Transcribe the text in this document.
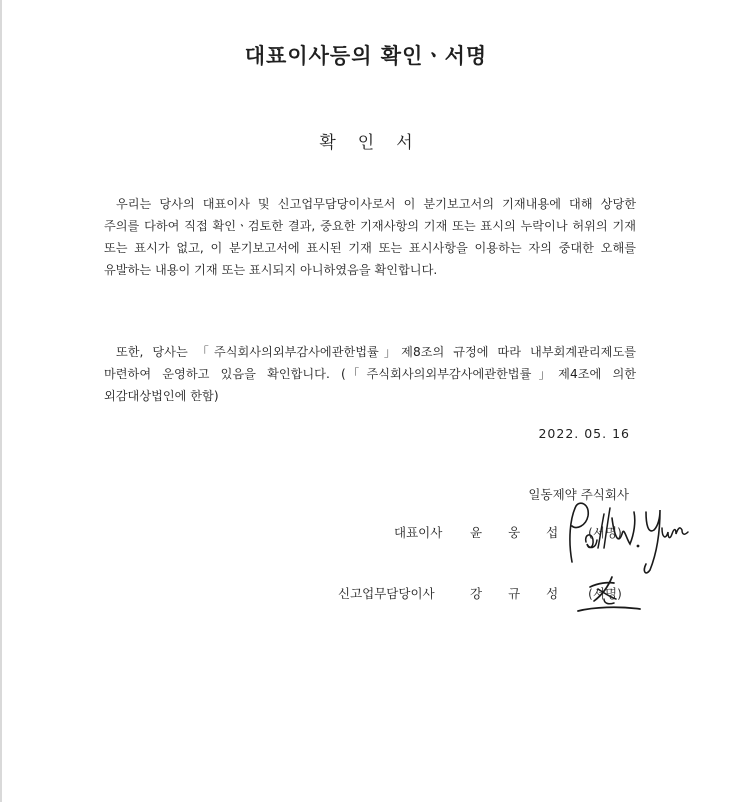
대표이사등의 확인ㆍ서명
확인서
우리는 당사의 대표이사 및 신고업무담당이사로서 이 분기보고서의 기재내용에 대해 상당한 주의를 다하여 직접 확인ㆍ검토한 결과, 중요한 기재사항의 기재 또는 표시의 누락이나 허위의 기재 또는 표시가 없고, 이 분기보고서에 표시된 기재 또는 표시사항을 이용하는 자의 중대한 오해를 유발하는 내용이 기재 또는 표시되지 아니하였음을 확인합니다.
또한, 당사는 「주식회사의외부감사에관한법률」제8조의 규정에 따라 내부회계관리제도를 마련하여 운영하고 있음을 확인합니다. (「주식회사의외부감사에관한법률」제4조에 의한 외감대상법인에 한함)
2022. 05. 16
일동제약 주식회사
대표이사 윤웅섭 (서명)
신고업무담당이사	강규성 (서명)
